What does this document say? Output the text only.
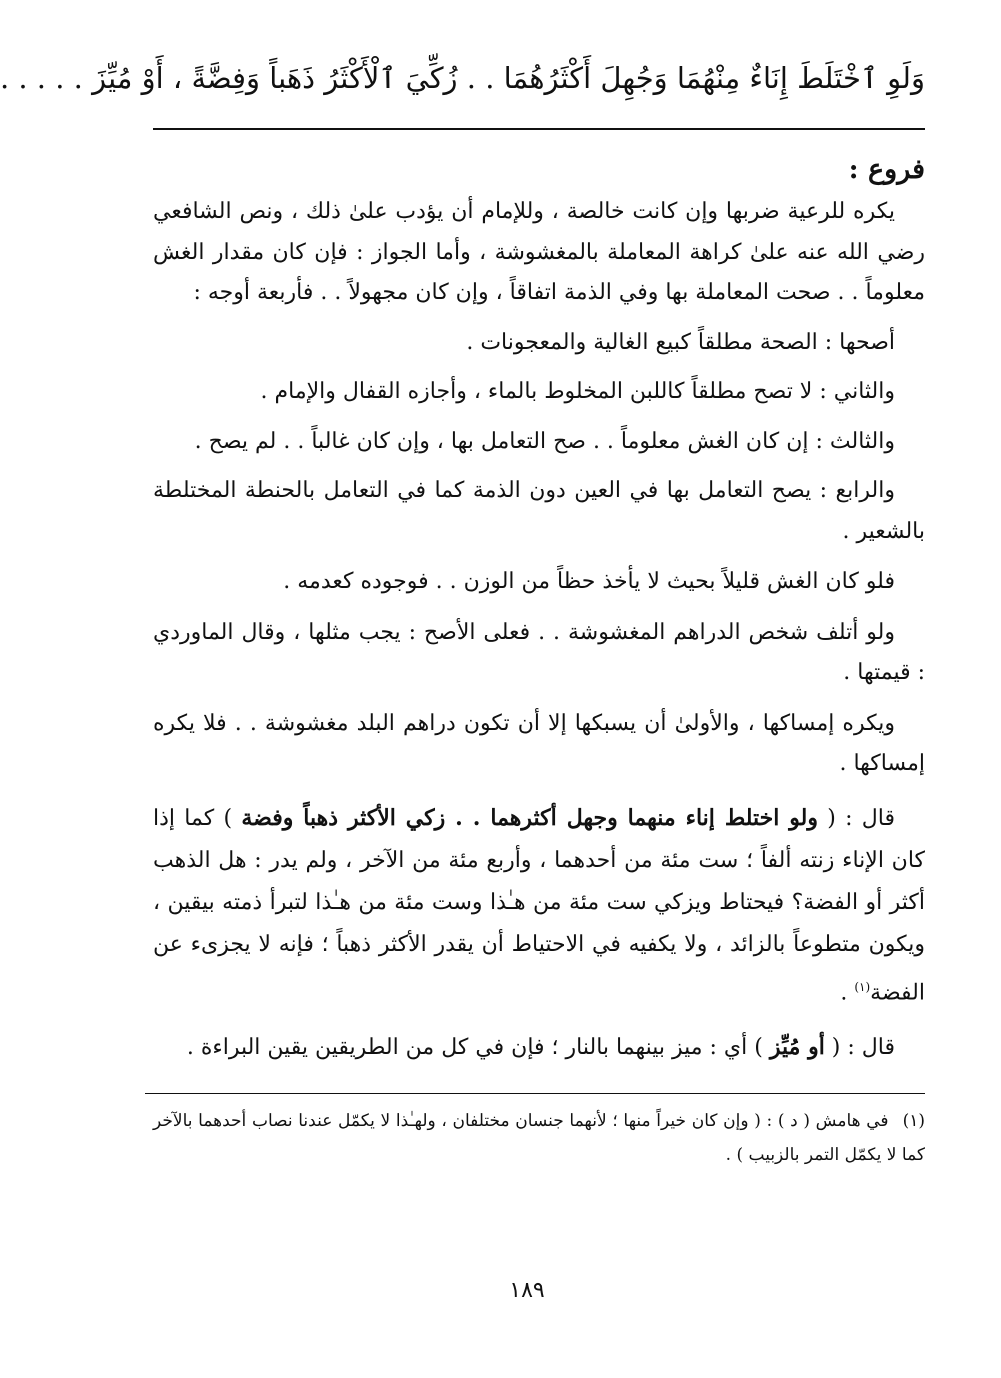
وَلَوِ ٱخْتَلَطَ إِنَاءٌ مِنْهُمَا وَجُهِلَ أَكْثَرُهُمَا . . زُكِّيَ ٱلْأَكْثَرُ ذَهَباً وَفِضَّةً ، أَوْ مُيِّزَ . . . . .
فروع :

يكره للرعية ضربها وإن كانت خالصة ، وللإمام أن يؤدب علىٰ ذلك ، ونص الشافعي رضي الله عنه علىٰ كراهة المعاملة بالمغشوشة ، وأما الجواز : فإن كان مقدار الغش معلوماً . . صحت المعاملة بها وفي الذمة اتفاقاً ، وإن كان مجهولاً . . فأربعة أوجه :

أصحها : الصحة مطلقاً كبيع الغالية والمعجونات .

والثاني : لا تصح مطلقاً كاللبن المخلوط بالماء ، وأجازه القفال والإمام .

والثالث : إن كان الغش معلوماً . . صح التعامل بها ، وإن كان غالباً . . لم يصح .

والرابع : يصح التعامل بها في العين دون الذمة كما في التعامل بالحنطة المختلطة بالشعير .

فلو كان الغش قليلاً بحيث لا يأخذ حظاً من الوزن . . فوجوده كعدمه .

ولو أتلف شخص الدراهم المغشوشة . . فعلى الأصح : يجب مثلها ، وقال الماوردي : قيمتها .

ويكره إمساكها ، والأولىٰ أن يسبكها إلا أن تكون دراهم البلد مغشوشة . . فلا يكره إمساكها .

قال : ( ولو اختلط إناء منهما وجهل أكثرهما . . زكي الأكثر ذهباً وفضة ) كما إذا كان الإناء زنته ألفاً ؛ ست مئة من أحدهما ، وأربع مئة من الآخر ، ولم يدر : هل الذهب أكثر أو الفضة؟ فيحتاط ويزكي ست مئة من هـٰذا وست مئة من هـٰذا لتبرأ ذمته بيقين ، ويكون متطوعاً بالزائد ، ولا يكفيه في الاحتياط أن يقدر الأكثر ذهباً ؛ فإنه لا يجزىء عن الفضة$^{(١)}$ .

قال : ( أو مُيِّز ) أي : ميز بينهما بالنار ؛ فإن في كل من الطريقين يقين البراءة .

(١)في هامش ( د ) : ( وإن كان خيراً منها ؛ لأنهما جنسان مختلفان ، ولهـٰذا لا يكمّل عندنا نصاب أحدهما بالآخر كما لا يكمّل التمر بالزبيب ) .
١٨٩
